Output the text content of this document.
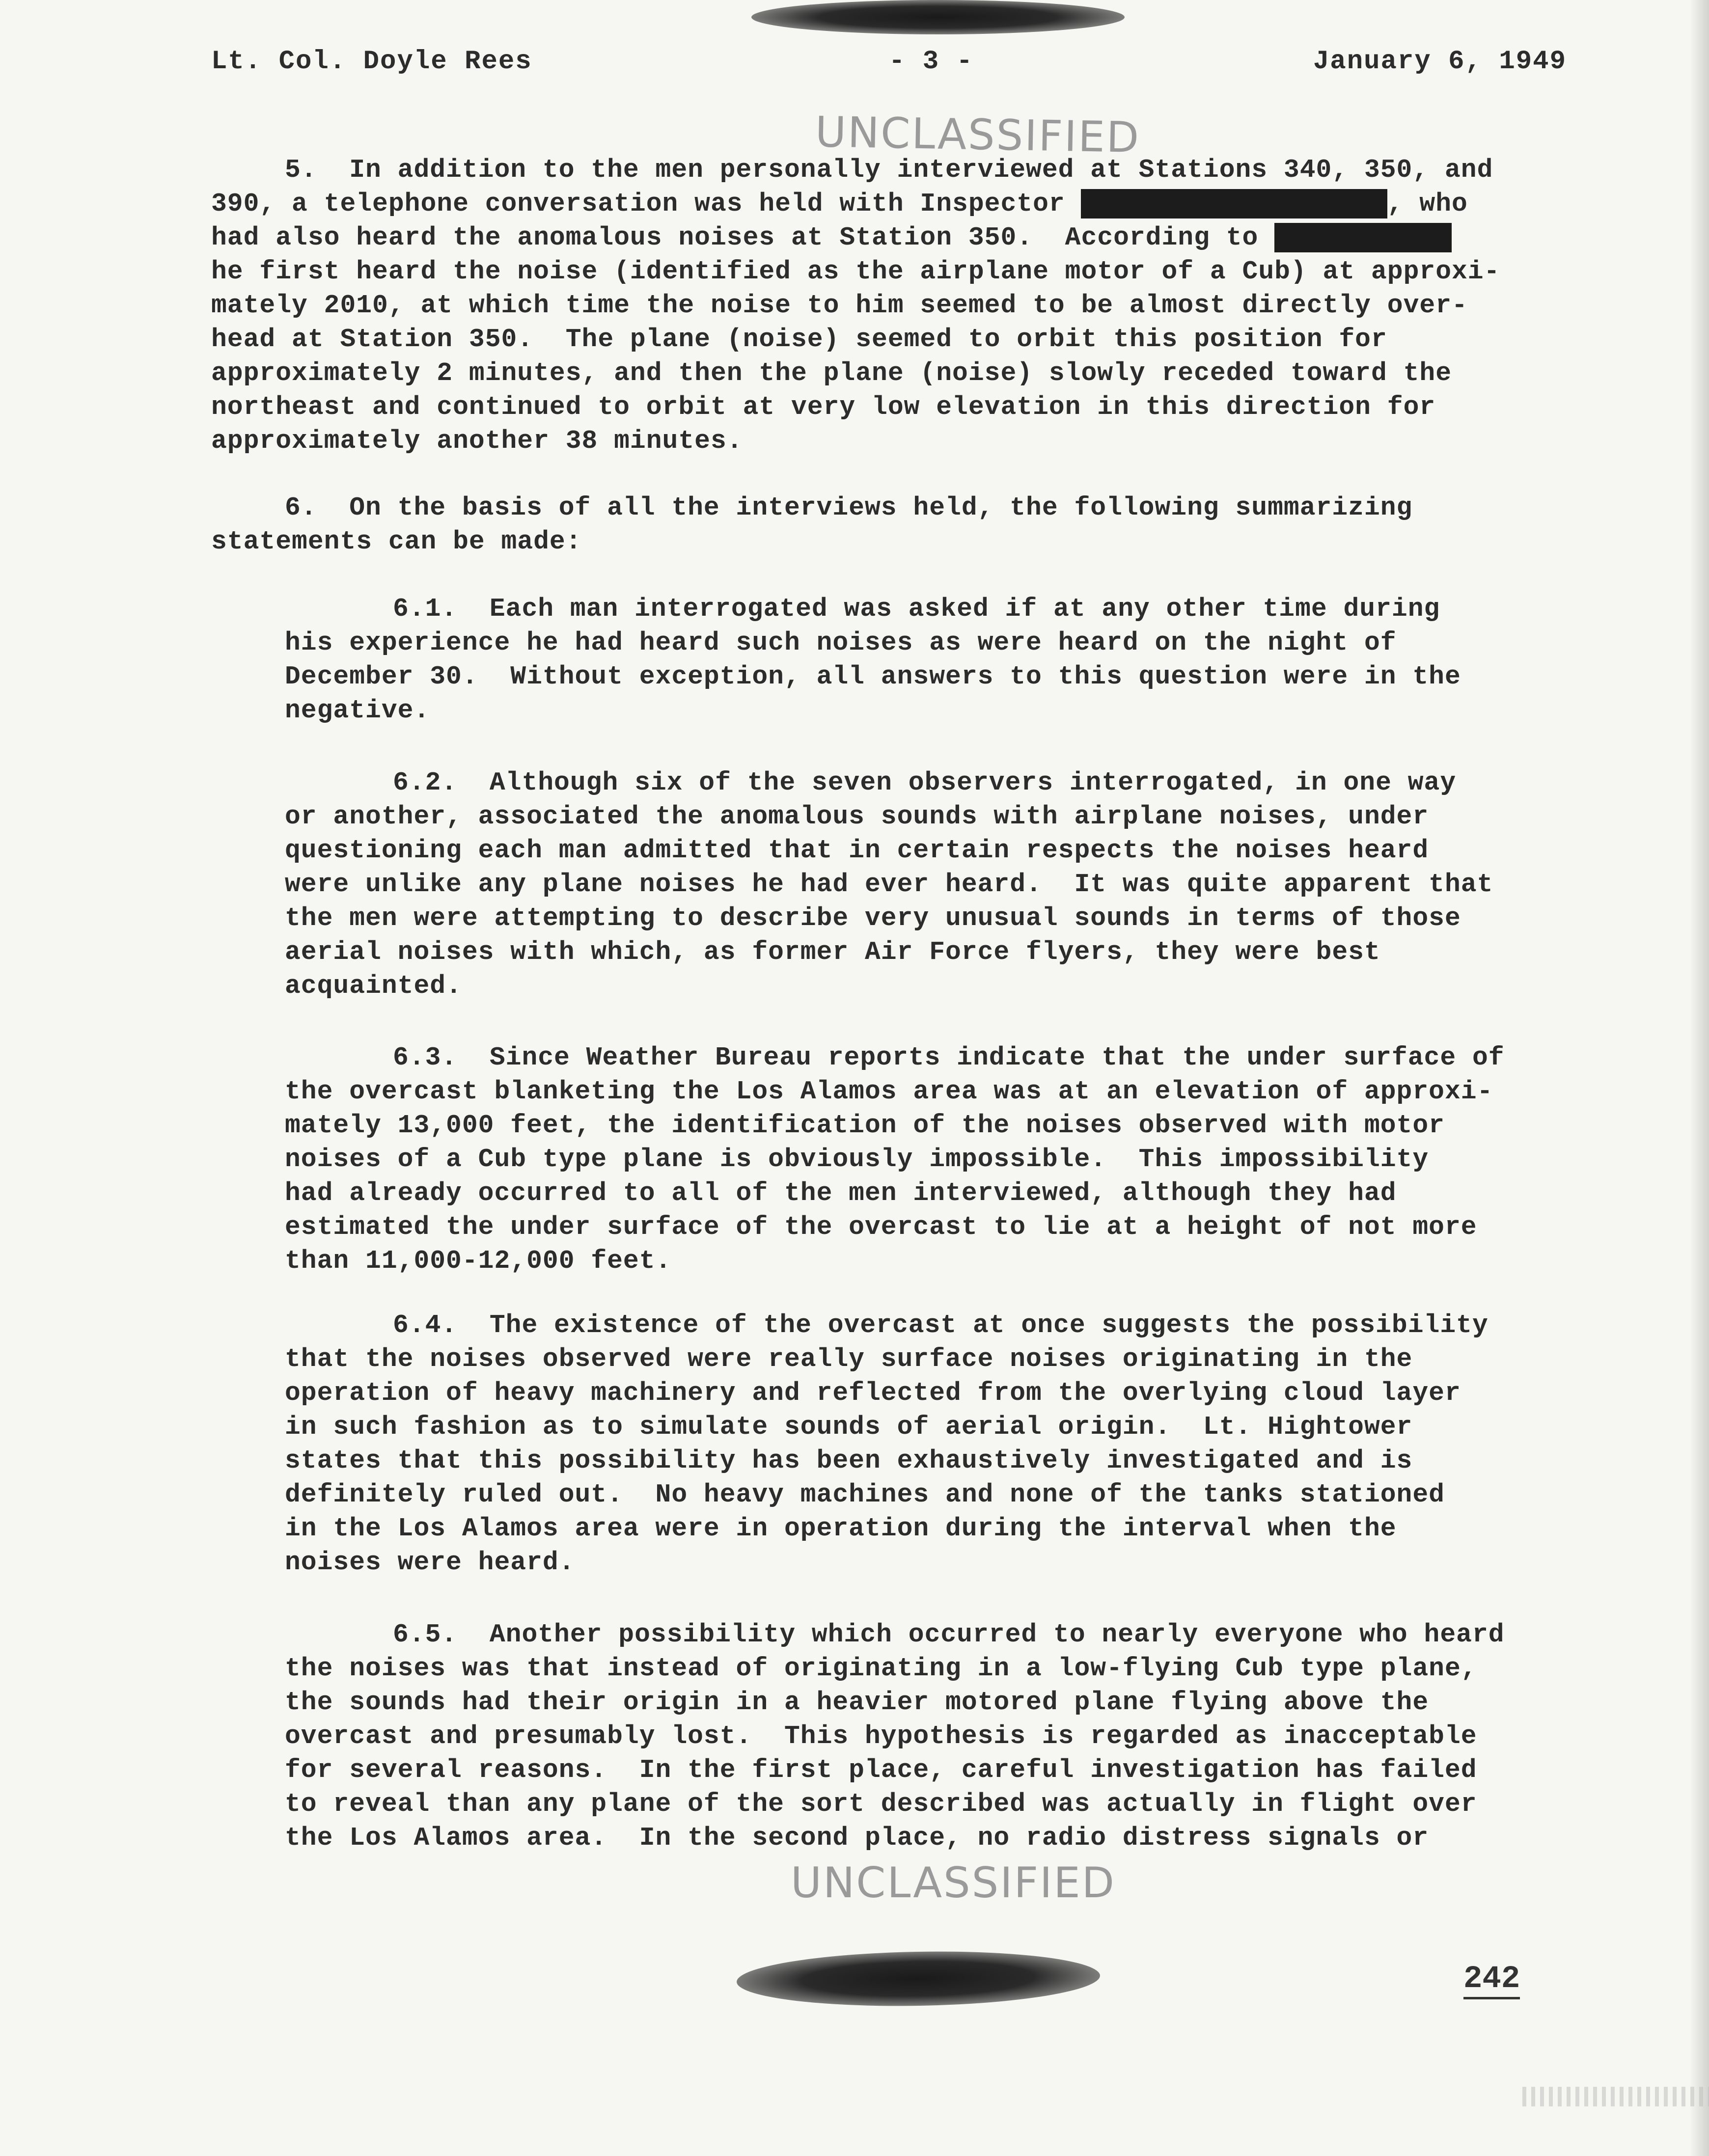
Lt. Col. Doyle Rees	- 3 -	January 6, 1949
UNCLASSIFIED
5.  In addition to the men personally interviewed at Stations 340, 350, and
390, a telephone conversation was held with Inspector Orville Hammersmith, who
had also heard the anomalous noises at Station 350.  According to Hammersmith
he first heard the noise (identified as the airplane motor of a Cub) at approxi-
mately 2010, at which time the noise to him seemed to be almost directly over-
head at Station 350.  The plane (noise) seemed to orbit this position for
approximately 2 minutes, and then the plane (noise) slowly receded toward the
northeast and continued to orbit at very low elevation in this direction for
approximately another 38 minutes.
6.  On the basis of all the interviews held, the following summarizing
statements can be made:
6.1.  Each man interrogated was asked if at any other time during
his experience he had heard such noises as were heard on the night of
December 30.  Without exception, all answers to this question were in the
negative.
6.2.  Although six of the seven observers interrogated, in one way
or another, associated the anomalous sounds with airplane noises, under
questioning each man admitted that in certain respects the noises heard
were unlike any plane noises he had ever heard.  It was quite apparent that
the men were attempting to describe very unusual sounds in terms of those
aerial noises with which, as former Air Force flyers, they were best
acquainted.
6.3.  Since Weather Bureau reports indicate that the under surface of
the overcast blanketing the Los Alamos area was at an elevation of approxi-
mately 13,000 feet, the identification of the noises observed with motor
noises of a Cub type plane is obviously impossible.  This impossibility
had already occurred to all of the men interviewed, although they had
estimated the under surface of the overcast to lie at a height of not more
than 11,000-12,000 feet.
6.4.  The existence of the overcast at once suggests the possibility
that the noises observed were really surface noises originating in the
operation of heavy machinery and reflected from the overlying cloud layer
in such fashion as to simulate sounds of aerial origin.  Lt. Hightower
states that this possibility has been exhaustively investigated and is
definitely ruled out.  No heavy machines and none of the tanks stationed
in the Los Alamos area were in operation during the interval when the
noises were heard.
6.5.  Another possibility which occurred to nearly everyone who heard
the noises was that instead of originating in a low-flying Cub type plane,
the sounds had their origin in a heavier motored plane flying above the
overcast and presumably lost.  This hypothesis is regarded as inacceptable
for several reasons.  In the first place, careful investigation has failed
to reveal than any plane of the sort described was actually in flight over
the Los Alamos area.  In the second place, no radio distress signals or
UNCLASSIFIED
242
